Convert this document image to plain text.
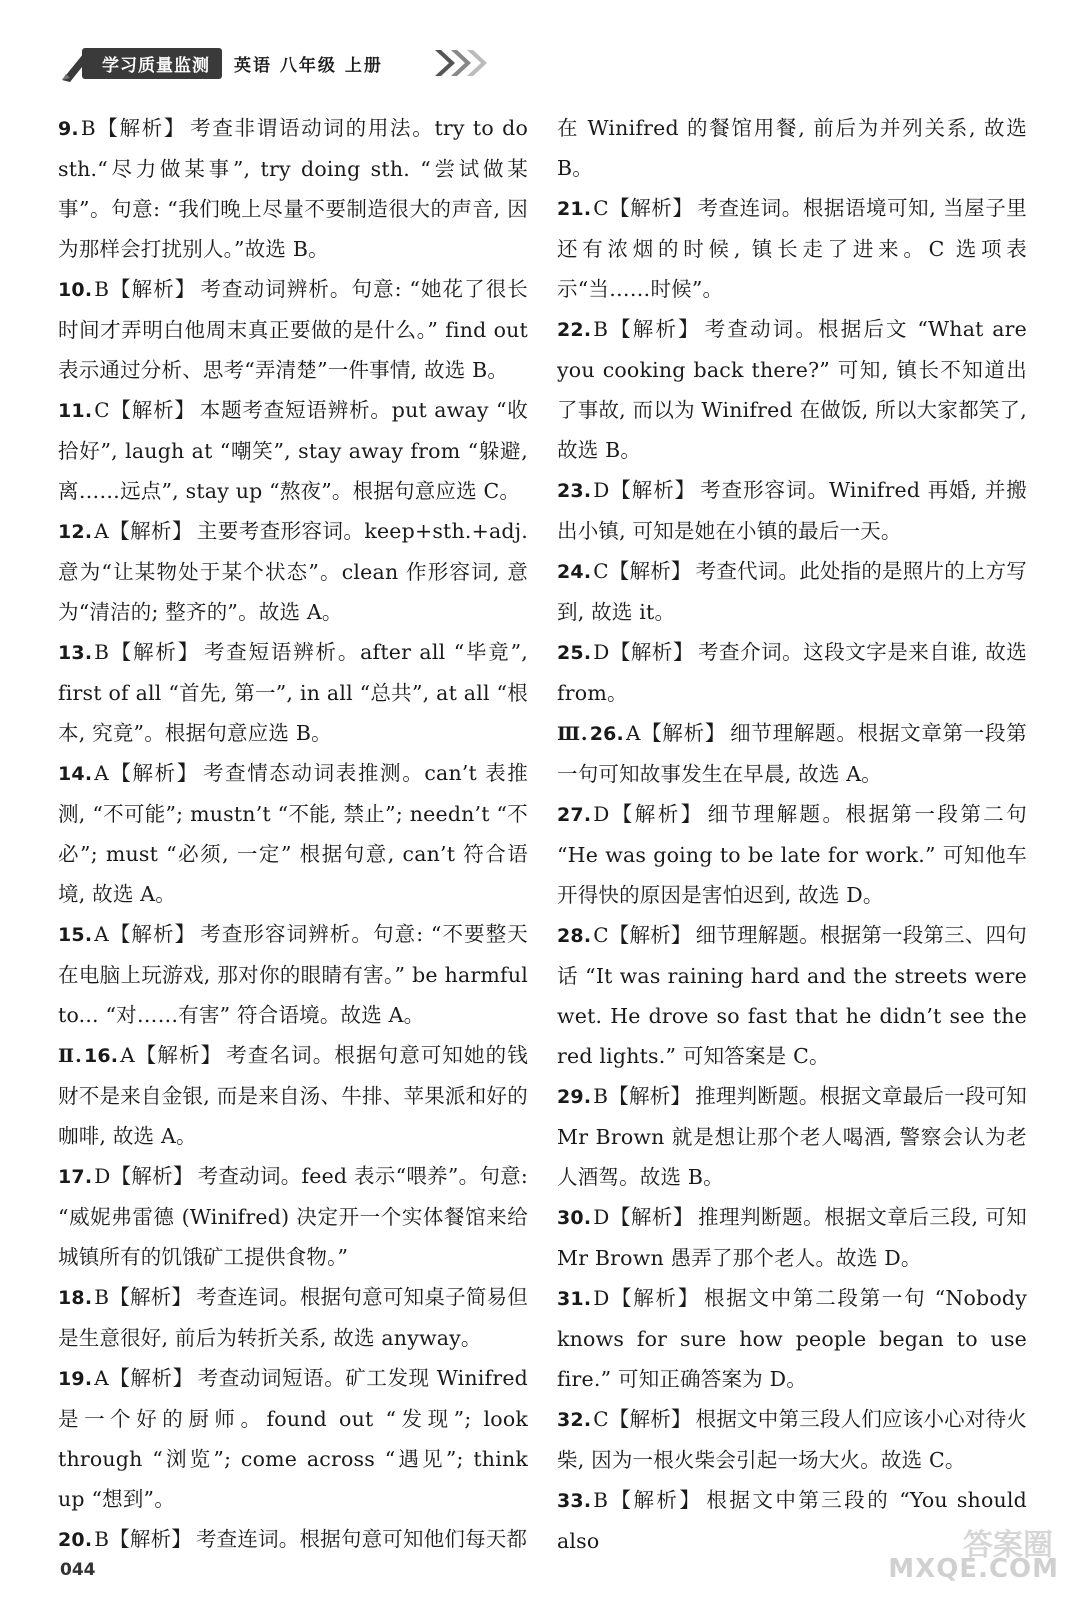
学习质量监测	英语 八年级 上册

9. B【解析】 考查非谓语动词的用法。try to do sth.“尽力做某事”, try doing sth. “尝试做某事”。句意: “我们晚上尽量不要制造很大的声音, 因为那样会打扰别人。”故选 B。

10. B【解析】 考查动词辨析。句意: “她花了很长时间才弄明白他周末真正要做的是什么。” find out 表示通过分析、思考“弄清楚”一件事情, 故选 B。

11. C【解析】 本题考查短语辨析。put away “收拾好”, laugh at “嘲笑”, stay away from “躲避, 离……远点”, stay up “熬夜”。根据句意应选 C。

12. A【解析】 主要考查形容词。keep+sth.+adj. 意为“让某物处于某个状态”。clean 作形容词, 意为“清洁的; 整齐的”。故选 A。

13. B【解析】 考查短语辨析。after all “毕竟”, first of all “首先, 第一”, in all “总共”, at all “根本, 究竟”。根据句意应选 B。

14. A【解析】 考查情态动词表推测。can’t 表推测, “不可能”; mustn’t “不能, 禁止”; needn’t “不必”; must “必须, 一定” 根据句意, can’t 符合语境, 故选 A。

15. A【解析】 考查形容词辨析。句意: “不要整天在电脑上玩游戏, 那对你的眼睛有害。” be harmful to... “对……有害” 符合语境。故选 A。

Ⅱ. 16. A【解析】 考查名词。根据句意可知她的钱财不是来自金银, 而是来自汤、牛排、苹果派和好的咖啡, 故选 A。

17. D【解析】 考查动词。feed 表示“喂养”。句意: “威妮弗雷德 (Winifred) 决定开一个实体餐馆来给城镇所有的饥饿矿工提供食物。”

18. B【解析】 考查连词。根据句意可知桌子简易但是生意很好, 前后为转折关系, 故选 anyway。

19. A【解析】 考查动词短语。矿工发现 Winifred 是一个好的厨师。found out “发现”; look through “浏览”; come across “遇见”; think up “想到”。

20. B【解析】 考查连词。根据句意可知他们每天都

在 Winifred 的餐馆用餐, 前后为并列关系, 故选 B。

21. C【解析】 考查连词。根据语境可知, 当屋子里还有浓烟的时候, 镇长走了进来。C 选项表示“当……时候”。

22. B【解析】 考查动词。根据后文 “What are you cooking back there?” 可知, 镇长不知道出了事故, 而以为 Winifred 在做饭, 所以大家都笑了, 故选 B。

23. D【解析】 考查形容词。Winifred 再婚, 并搬出小镇, 可知是她在小镇的最后一天。

24. C【解析】 考查代词。此处指的是照片的上方写到, 故选 it。

25. D【解析】 考查介词。这段文字是来自谁, 故选 from。

Ⅲ. 26. A【解析】 细节理解题。根据文章第一段第一句可知故事发生在早晨, 故选 A。

27. D【解析】 细节理解题。根据第一段第二句 “He was going to be late for work.” 可知他车开得快的原因是害怕迟到, 故选 D。

28. C【解析】 细节理解题。根据第一段第三、四句话 “It was raining hard and the streets were wet. He drove so fast that he didn’t see the red lights.” 可知答案是 C。

29. B【解析】 推理判断题。根据文章最后一段可知 Mr Brown 就是想让那个老人喝酒, 警察会认为老人酒驾。故选 B。

30. D【解析】 推理判断题。根据文章后三段, 可知 Mr Brown 愚弄了那个老人。故选 D。

31. D【解析】 根据文中第二段第一句 “Nobody knows for sure how people began to use fire.” 可知正确答案为 D。

32. C【解析】 根据文中第三段人们应该小心对待火柴, 因为一根火柴会引起一场大火。故选 C。

33. B【解析】 根据文中第三段的 “You should also

044
答案圈
MXQE.COM
